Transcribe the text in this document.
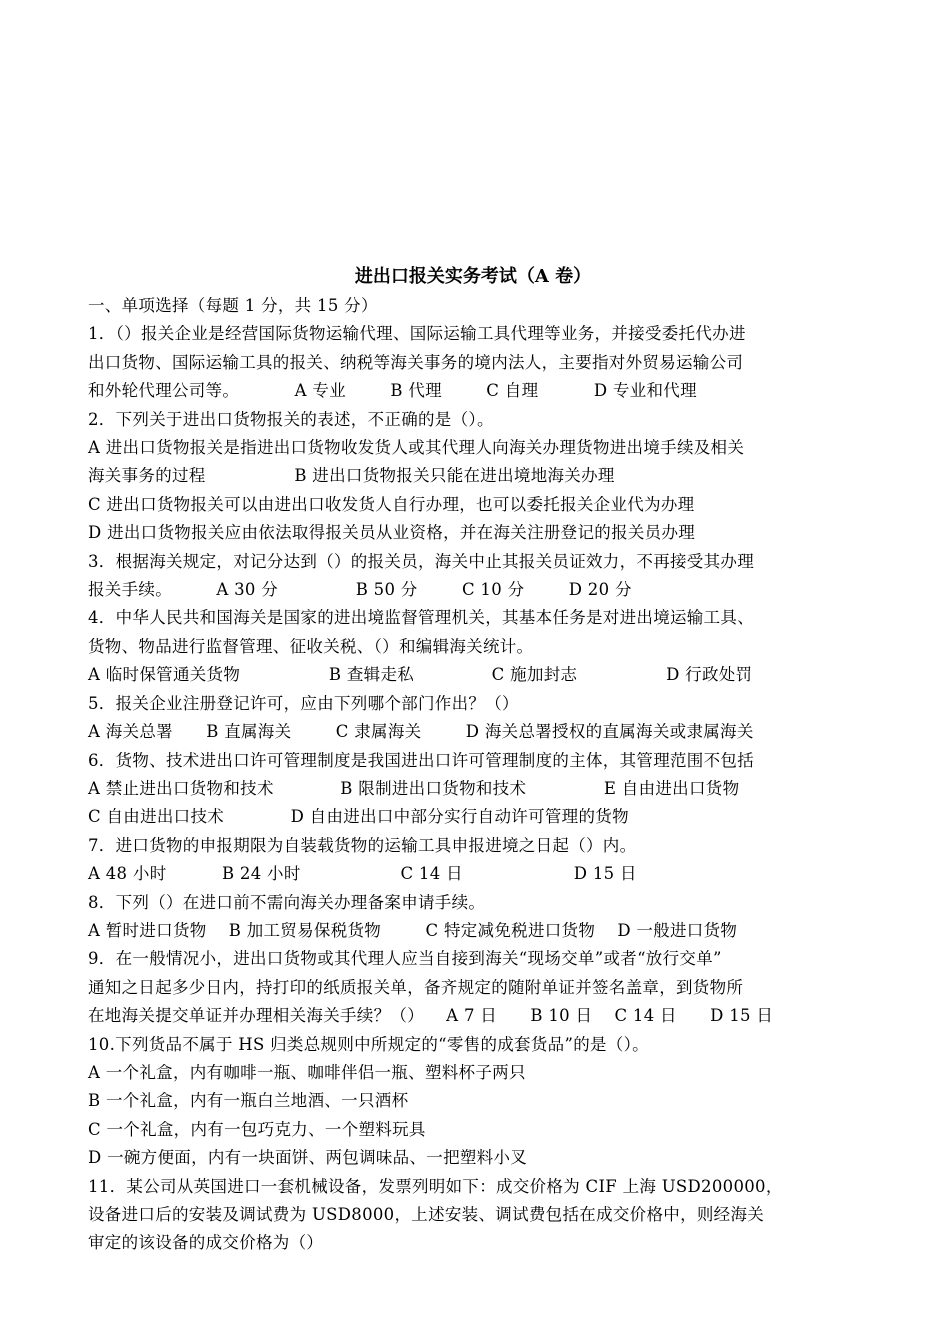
进出口报关实务考试（A 卷）

一、单项选择（每题 1 分，共 15 分）

1．（）报关企业是经营国际货物运输代理、国际运输工具代理等业务，并接受委托代办进

出口货物、国际运输工具的报关、纳税等海关事务的境内法人，主要指对外贸易运输公司

和外轮代理公司等。          A 专业        B 代理        C 自理          D 专业和代理

2．下列关于进出口货物报关的表述，不正确的是（）。

A 进出口货物报关是指进出口货物收发货人或其代理人向海关办理货物进出境手续及相关

海关事务的过程                B 进出口货物报关只能在进出境地海关办理

C 进出口货物报关可以由进出口收发货人自行办理，也可以委托报关企业代为办理

D 进出口货物报关应由依法取得报关员从业资格，并在海关注册登记的报关员办理

3．根据海关规定，对记分达到（）的报关员，海关中止其报关员证效力，不再接受其办理

报关手续。        A 30 分              B 50 分        C 10 分        D 20 分

4．中华人民共和国海关是国家的进出境监督管理机关，其基本任务是对进出境运输工具、

货物、物品进行监督管理、征收关税、（）和编辑海关统计。

A 临时保管通关货物                B 查辑走私              C 施加封志                D 行政处罚

5．报关企业注册登记许可，应由下列哪个部门作出？（）

A 海关总署      B 直属海关        C 隶属海关        D 海关总署授权的直属海关或隶属海关

6．货物、技术进出口许可管理制度是我国进出口许可管理制度的主体，其管理范围不包括

A 禁止进出口货物和技术            B 限制进出口货物和技术              E 自由进出口货物

C 自由进出口技术            D 自由进出口中部分实行自动许可管理的货物

7．进口货物的申报期限为自装载货物的运输工具申报进境之日起（）内。

A 48 小时          B 24 小时                  C 14 日                    D 15 日

8．下列（）在进口前不需向海关办理备案申请手续。

A 暂时进口货物    B 加工贸易保税货物        C 特定减免税进口货物    D 一般进口货物

9．在一般情况小，进出口货物或其代理人应当自接到海关“现场交单”或者“放行交单”

通知之日起多少日内，持打印的纸质报关单，备齐规定的随附单证并签名盖章，到货物所

在地海关提交单证并办理相关海关手续？（）    A 7 日      B 10 日    C 14 日      D 15 日

10.下列货品不属于 HS 归类总规则中所规定的“零售的成套货品”的是（）。

A 一个礼盒，内有咖啡一瓶、咖啡伴侣一瓶、塑料杯子两只

B 一个礼盒，内有一瓶白兰地酒、一只酒杯

C 一个礼盒，内有一包巧克力、一个塑料玩具

D 一碗方便面，内有一块面饼、两包调味品、一把塑料小叉

11．某公司从英国进口一套机械设备，发票列明如下：成交价格为 CIF 上海 USD200000，

设备进口后的安装及调试费为 USD8000，上述安装、调试费包括在成交价格中，则经海关

审定的该设备的成交价格为（）
